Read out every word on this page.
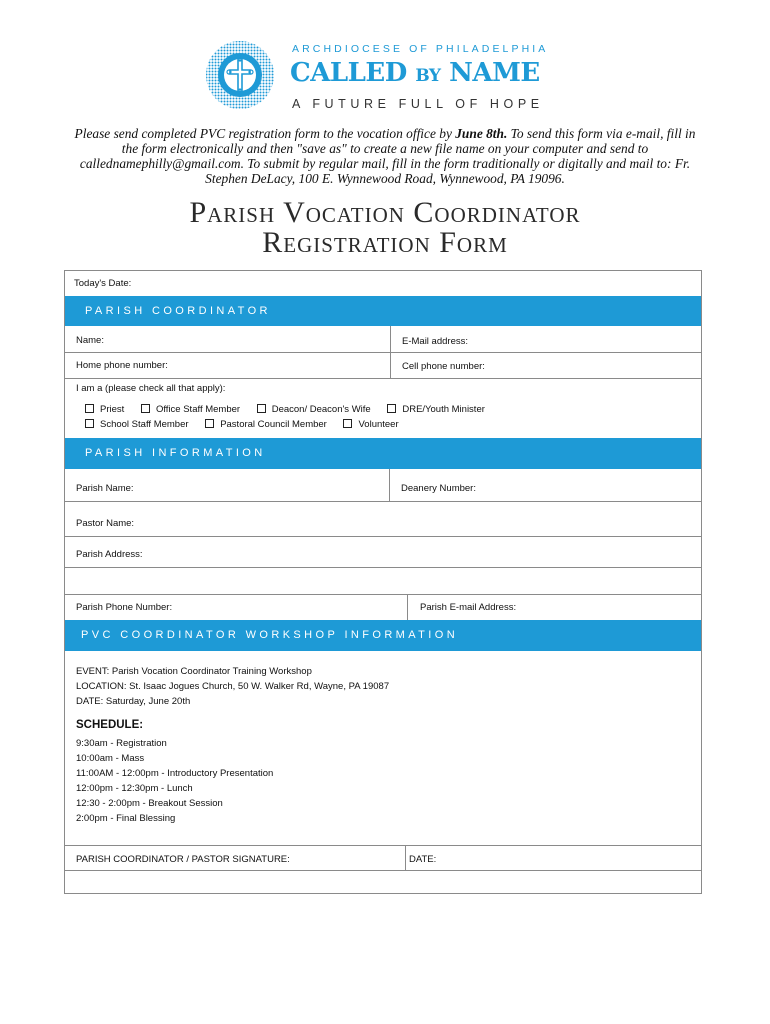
ARCHDIOCESE OF PHILADELPHIA
CALLED BY NAME
A FUTURE FULL OF HOPE
Please send completed PVC registration form to the vocation office by June 8th. To send this form via e-mail, fill in the form electronically and then "save as" to create a new file name on your computer and send to callednamephilly@gmail.com. To submit by regular mail, fill in the form traditionally or digitally and mail to: Fr. Stephen DeLacy, 100 E. Wynnewood Road, Wynnewood, PA 19096.
Parish Vocation Coordinator
Registration Form
Today's Date:
PARISH COORDINATOR
Name:	E-Mail address:
Home phone number:	Cell phone number:
I am a (please check all that apply):
Priest	Office Staff Member	Deacon/ Deacon's Wife	DRE/Youth Minister
School Staff Member	Pastoral Council Member	Volunteer
PARISH INFORMATION
Parish Name:	Deanery Number:
Pastor Name:
Parish Address:
Parish Phone Number:	Parish E-mail Address:
PVC COORDINATOR WORKSHOP INFORMATION
EVENT: Parish Vocation Coordinator Training Workshop
LOCATION: St. Isaac Jogues Church, 50 W. Walker Rd, Wayne, PA 19087
DATE: Saturday, June 20th
SCHEDULE:
9:30am - Registration
10:00am - Mass
11:00AM - 12:00pm - Introductory Presentation
12:00pm - 12:30pm - Lunch
12:30 - 2:00pm - Breakout Session
2:00pm - Final Blessing
PARISH COORDINATOR / PASTOR SIGNATURE:	DATE:
